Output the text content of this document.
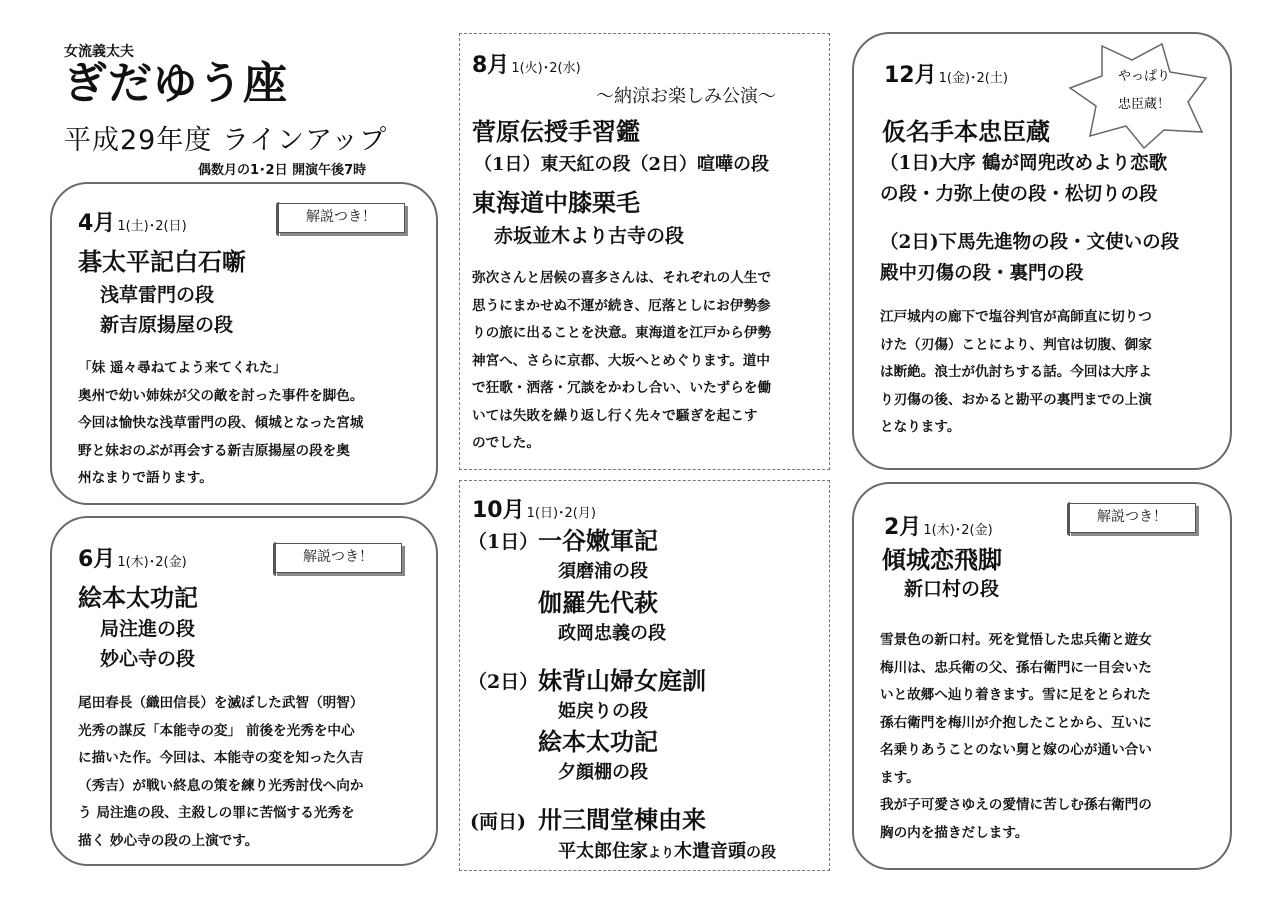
女流義太夫
ぎだゆう座
平成29年度 ラインアップ
偶数月の1･2日 開演午後7時
4月 1(土)･2(日)
碁太平記白石噺
浅草雷門の段
新吉原揚屋の段
「妹 遥々尋ねてよう来てくれた」
奥州で幼い姉妹が父の敵を討った事件を脚色。
今回は愉快な浅草雷門の段、傾城となった宮城
野と妹おのぶが再会する新吉原揚屋の段を奥
州なまりで語ります。
解説つき！
6月 1(木)･2(金)
絵本太功記
局注進の段
妙心寺の段
尾田春長（織田信長）を滅ぼした武智（明智）
光秀の謀反「本能寺の変」 前後を光秀を中心
に描いた作。今回は、本能寺の変を知った久吉
（秀吉）が戦い終息の策を練り光秀討伐へ向か
う 局注進の段、主殺しの罪に苦悩する光秀を
描く 妙心寺の段の上演です。
解説つき！
8月 1(火)･2(水)
～納涼お楽しみ公演～
菅原伝授手習鑑
（1日）東天紅の段（2日）喧嘩の段
東海道中膝栗毛
赤坂並木より古寺の段
弥次さんと居候の喜多さんは、それぞれの人生で
思うにまかせぬ不運が続き、厄落としにお伊勢参
りの旅に出ることを決意。東海道を江戸から伊勢
神宮へ、さらに京都、大坂へとめぐります。道中
で狂歌・洒落・冗談をかわし合い、いたずらを働
いては失敗を繰り返し行く先々で騒ぎを起こす
のでした。
10月 1(日)･2(月)
（1日） 一谷嫩軍記
須磨浦の段
伽羅先代萩
政岡忠義の段
（2日） 妹背山婦女庭訓
姫戻りの段
絵本太功記
夕顔棚の段
(両日) 卅三間堂棟由来
平太郎住家より木遣音頭の段
12月 1(金)･2(土)
仮名手本忠臣蔵
（1日)大序 鶴が岡兜改めより恋歌
の段・力弥上使の段・松切りの段
（2日)下馬先進物の段・文使いの段
殿中刃傷の段・裏門の段
江戸城内の廊下で塩谷判官が高師直に切りつ
けた（刃傷）ことにより、判官は切腹、御家
は断絶。浪士が仇討ちする話。今回は大序よ
り刃傷の後、おかると勘平の裏門までの上演
となります。
やっぱり
忠臣蔵！
2月 1(木)･2(金)
傾城恋飛脚
新口村の段
雪景色の新口村。死を覚悟した忠兵衛と遊女
梅川は、忠兵衛の父、孫右衛門に一目会いた
いと故郷へ辿り着きます。雪に足をとられた
孫右衛門を梅川が介抱したことから、互いに
名乗りあうことのない舅と嫁の心が通い合い
ます。
我が子可愛さゆえの愛情に苦しむ孫右衛門の
胸の内を描きだします。
解説つき！
